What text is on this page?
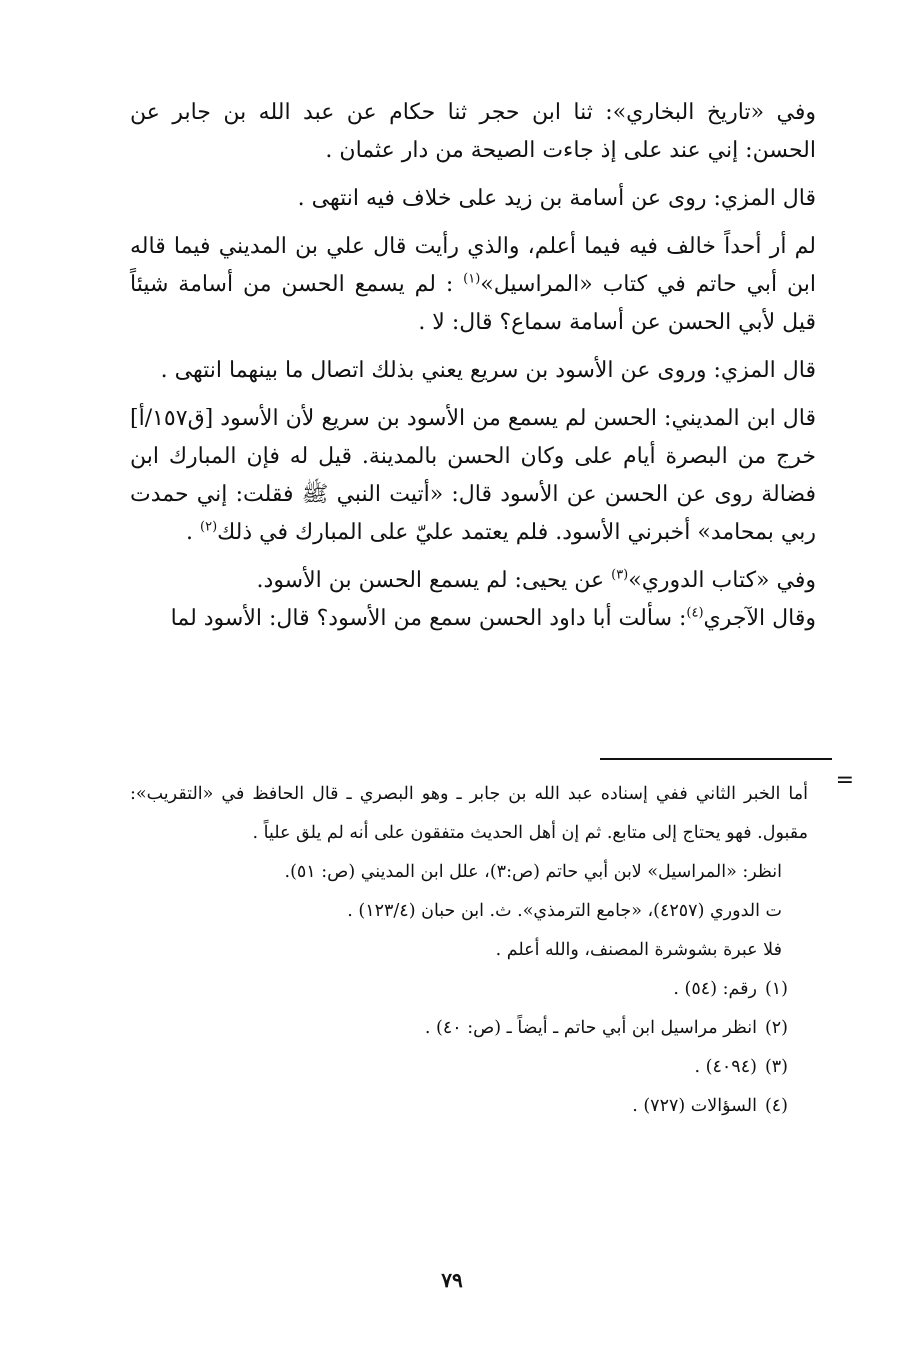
وفي «تاريخ البخاري»: ثنا ابن حجر ثنا حكام عن عبد الله بن جابر عن الحسن: إني عند على إذ جاءت الصيحة من دار عثمان .

قال المزي: روى عن أسامة بن زيد على خلاف فيه انتهى .

لم أر أحداً خالف فيه فيما أعلم، والذي رأيت قال علي بن المديني فيما قاله ابن أبي حاتم في كتاب «المراسيل»$^{(١)}$ : لم يسمع الحسن من أسامة شيئاً قيل لأبي الحسن عن أسامة سماع؟ قال: لا .

قال المزي: وروى عن الأسود بن سريع يعني بذلك اتصال ما بينهما انتهى .

قال ابن المديني: الحسن لم يسمع من الأسود بن سريع لأن الأسود [ق١٥٧/أ] خرج من البصرة أيام على وكان الحسن بالمدينة. قيل له فإن المبارك ابن فضالة روى عن الحسن عن الأسود قال: «أتيت النبي ﷺ فقلت: إني حمدت ربي بمحامد» أخبرني الأسود. فلم يعتمد عليّ على المبارك في ذلك$^{(٢)}$ .

وفي «كتاب الدوري»$^{(٣)}$ عن يحيى: لم يسمع الحسن بن الأسود.

وقال الآجري$^{(٤)}$: سألت أبا داود الحسن سمع من الأسود؟ قال: الأسود لما

=

أما الخبر الثاني ففي إسناده عبد الله بن جابر ـ وهو البصري ـ قال الحافظ في «التقريب»: مقبول. فهو يحتاج إلى متابع. ثم إن أهل الحديث متفقون على أنه لم يلق علياً .

انظر: «المراسيل» لابن أبي حاتم (ص:٣)، علل ابن المديني (ص: ٥١).

ت الدوري (٤٢٥٧)، «جامع الترمذي». ث. ابن حبان (١٢٣/٤) .

فلا عبرة بشوشرة المصنف، والله أعلم .

(١)رقم: (٥٤) .

(٢)انظر مراسيل ابن أبي حاتم ـ أيضاً ـ (ص: ٤٠) .

(٣)(٤٠٩٤) .

(٤)السؤالات (٧٢٧) .

٧٩
